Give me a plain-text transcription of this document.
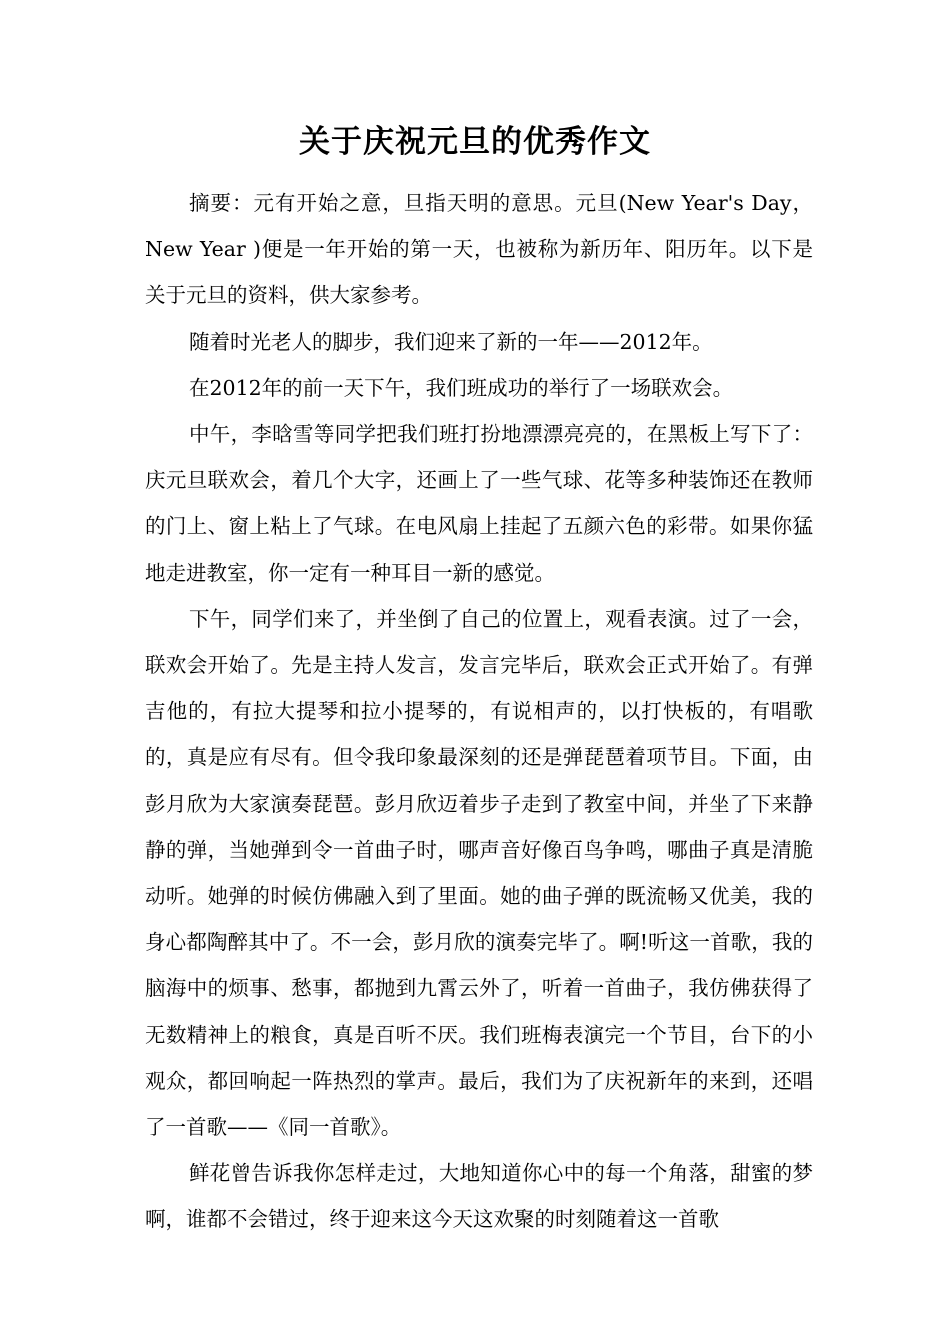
关于庆祝元旦的优秀作文

摘要：元有开始之意，旦指天明的意思。元旦(New Year's Day，New Year )便是一年开始的第一天，也被称为新历年、阳历年。以下是关于元旦的资料，供大家参考。

随着时光老人的脚步，我们迎来了新的一年——2012年。

在2012年的前一天下午，我们班成功的举行了一场联欢会。

中午，李晗雪等同学把我们班打扮地漂漂亮亮的，在黑板上写下了：庆元旦联欢会，着几个大字，还画上了一些气球、花等多种装饰还在教师的门上、窗上粘上了气球。在电风扇上挂起了五颜六色的彩带。如果你猛地走进教室，你一定有一种耳目一新的感觉。

下午，同学们来了，并坐倒了自己的位置上，观看表演。过了一会，联欢会开始了。先是主持人发言，发言完毕后，联欢会正式开始了。有弹吉他的，有拉大提琴和拉小提琴的，有说相声的，以打快板的，有唱歌的，真是应有尽有。但令我印象最深刻的还是弹琵琶着项节目。下面，由彭月欣为大家演奏琵琶。彭月欣迈着步子走到了教室中间，并坐了下来静静的弹，当她弹到令一首曲子时，哪声音好像百鸟争鸣，哪曲子真是清脆动听。她弹的时候仿佛融入到了里面。她的曲子弹的既流畅又优美，我的身心都陶醉其中了。不一会，彭月欣的演奏完毕了。啊!听这一首歌，我的脑海中的烦事、愁事，都抛到九霄云外了，听着一首曲子，我仿佛获得了无数精神上的粮食，真是百听不厌。我们班梅表演完一个节目，台下的小观众，都回响起一阵热烈的掌声。最后，我们为了庆祝新年的来到，还唱了一首歌——《同一首歌》。

鲜花曾告诉我你怎样走过，大地知道你心中的每一个角落，甜蜜的梦啊，谁都不会错过，终于迎来这今天这欢聚的时刻随着这一首歌
